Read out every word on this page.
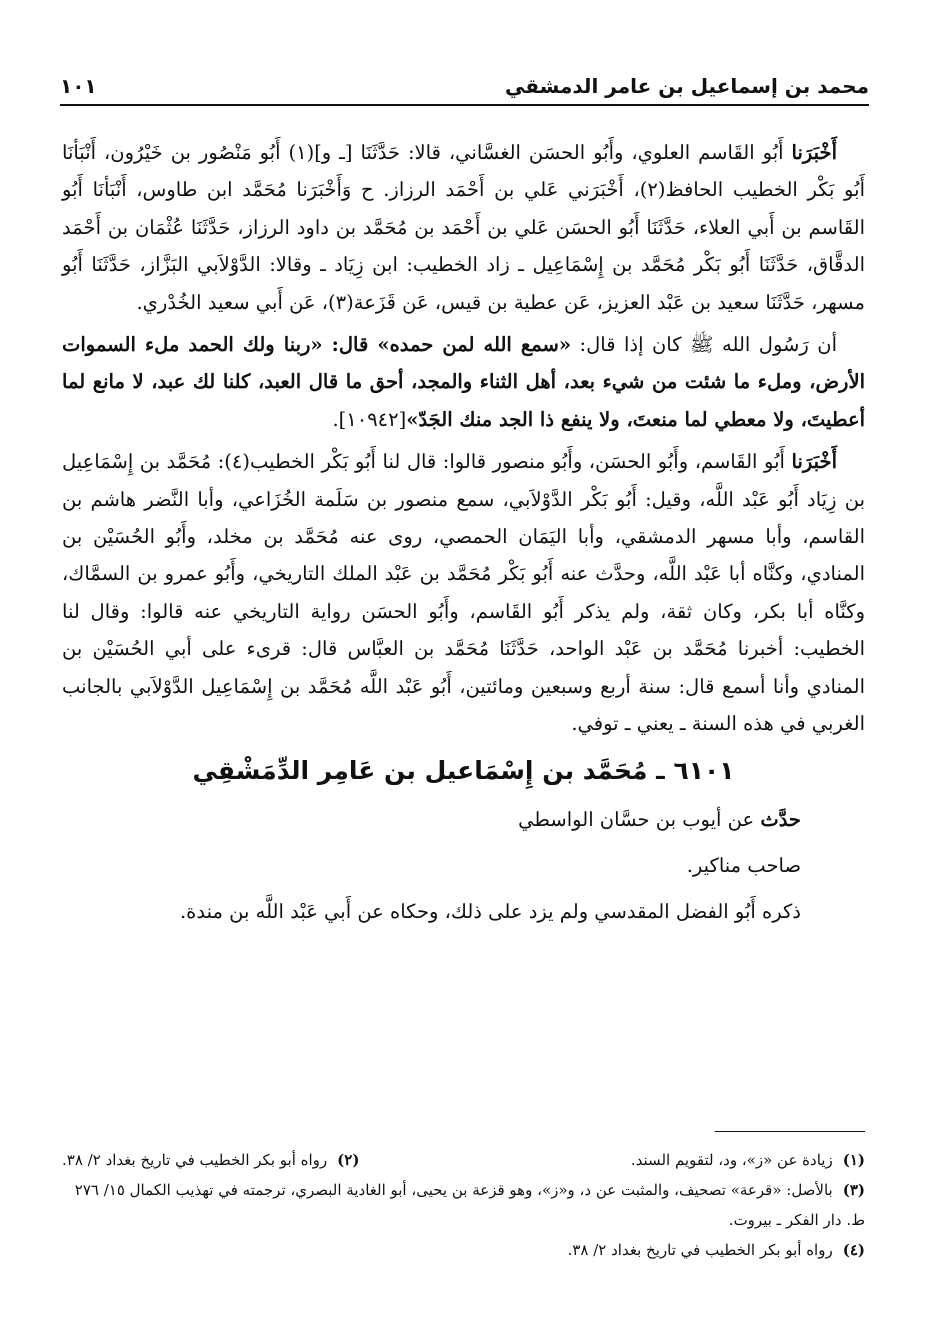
محمد بن إسماعيل بن عامر الدمشقي
١٠١

أَخْبَرَنا أَبُو القَاسم العلوي، وأَبُو الحسَن الغسَّاني، قالا: حَدَّثَنَا [ـ و](١) أَبُو مَنْصُور بن خَيْرُون، أَنْبَأنَا أَبُو بَكْر الخطيب الحافظ(٢)، أَخْبَرَني عَلي بن أَحْمَد الرزاز. ح وَأَخْبَرَنا مُحَمَّد ابن طاوس، أَنْبَأنَا أَبُو القَاسم بن أَبي العلاء، حَدَّثَنَا أَبُو الحسَن عَلي بن أَحْمَد بن مُحَمَّد بن داود الرزاز، حَدَّثَنَا عُثْمَان بن أَحْمَد الدقَّاق، حَدَّثَنَا أَبُو بَكْر مُحَمَّد بن إِسْمَاعِيل ـ زاد الخطيب: ابن زِيَاد ـ وقالا: الدَّوْلاَبي البَزَّاز، حَدَّثَنَا أَبُو مسهر، حَدَّثَنَا سعيد بن عَبْد العزيز، عَن عطية بن قيس، عَن قَزَعة(٣)، عَن أَبي سعيد الخُدْري.

أن رَسُول الله ﷺ كان إذا قال: «سمع الله لمن حمده» قال: «ربنا ولك الحمد ملء السموات الأرض، وملء ما شئت من شيء بعد، أهل الثناء والمجد، أحق ما قال العبد، كلنا لك عبد، لا مانع لما أعطيتَ، ولا معطي لما منعتَ، ولا ينفع ذا الجد منك الجَدّ»[١٠٩٤٢].

أَخْبَرَنا أَبُو القَاسم، وأَبُو الحسَن، وأَبُو منصور قالوا: قال لنا أَبُو بَكْر الخطيب(٤): مُحَمَّد بن إِسْمَاعِيل بن زِيَاد أَبُو عَبْد اللَّه، وقيل: أَبُو بَكْر الدَّوْلاَبي، سمع منصور بن سَلَمة الخُزَاعي، وأبا النَّضر هاشم بن القاسم، وأبا مسهر الدمشقي، وأبا اليَمَان الحمصي، روى عنه مُحَمَّد بن مخلد، وأَبُو الحُسَيْن بن المنادي، وكنَّاه أبا عَبْد اللَّه، وحدَّث عنه أَبُو بَكْر مُحَمَّد بن عَبْد الملك التاريخي، وأَبُو عمرو بن السمَّاك، وكنَّاه أبا بكر، وكان ثقة، ولم يذكر أَبُو القَاسم، وأَبُو الحسَن رواية التاريخي عنه قالوا: وقال لنا الخطيب: أخبرنا مُحَمَّد بن عَبْد الواحد، حَدَّثَنَا مُحَمَّد بن العبَّاس قال: قرىء على أبي الحُسَيْن بن المنادي وأنا أسمع قال: سنة أربع وسبعين ومائتين، أَبُو عَبْد اللَّه مُحَمَّد بن إِسْمَاعِيل الدَّوْلاَبي بالجانب الغربي في هذه السنة ـ يعني ـ توفي.

٦١٠١ ـ مُحَمَّد بن إِسْمَاعيل بن عَامِر الدِّمَشْقِي

حدَّث عن أيوب بن حسَّان الواسطي

صاحب مناكير.

ذكره أَبُو الفضل المقدسي ولم يزد على ذلك، وحكاه عن أَبي عَبْد اللَّه بن مندة.

(١)زيادة عن «ز»، ود، لتقويم السند.

(٢)رواه أبو بكر الخطيب في تاريخ بغداد ٢/ ٣٨.

(٣)بالأصل: «قرعة» تصحيف، والمثبت عن د، و«ز»، وهو قزعة بن يحيى، أبو الغادية البصري، ترجمته في تهذيب الكمال ١٥/ ٢٧٦ ط. دار الفكر ـ بيروت.

(٤)رواه أبو بكر الخطيب في تاريخ بغداد ٢/ ٣٨.
